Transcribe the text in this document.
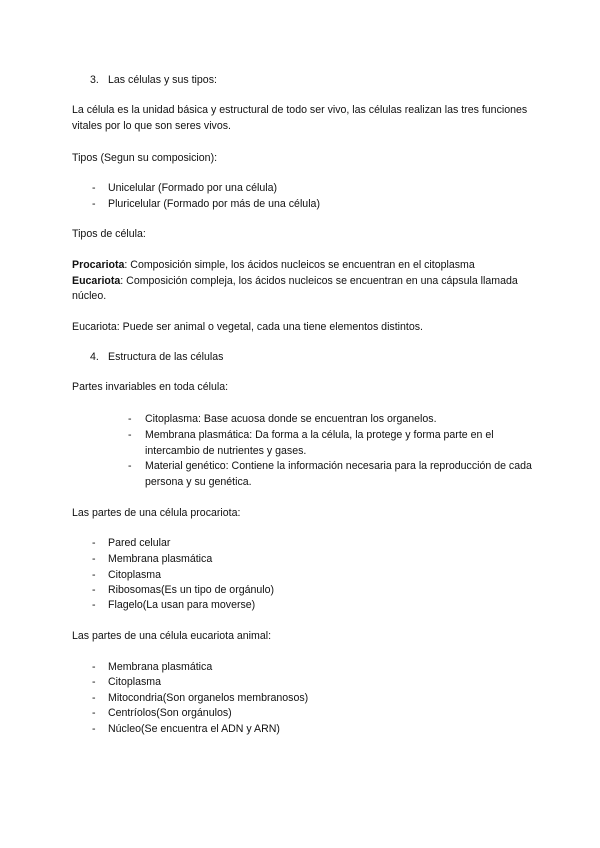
3. Las células y sus tipos:
La célula es la unidad básica y estructural de todo ser vivo, las células realizan las tres funciones
vitales por lo que son seres vivos.
Tipos (Segun su composicion):
- Unicelular (Formado por una célula)
- Pluricelular (Formado por más de una célula)
Tipos de célula:
Procariota: Composición simple, los ácidos nucleicos se encuentran en el citoplasma
Eucariota: Composición compleja, los ácidos nucleicos se encuentran en una cápsula llamada
núcleo.
Eucariota: Puede ser animal o vegetal, cada una tiene elementos distintos.
4. Estructura de las células
Partes invariables en toda célula:
- Citoplasma: Base acuosa donde se encuentran los organelos.
- Membrana plasmática: Da forma a la célula, la protege y forma parte en el
intercambio de nutrientes y gases.
- Material genético: Contiene la información necesaria para la reproducción de cada
persona y su genética.
Las partes de una célula procariota:
- Pared celular
- Membrana plasmática
- Citoplasma
- Ribosomas(Es un tipo de orgánulo)
- Flagelo(La usan para moverse)
Las partes de una célula eucariota animal:
- Membrana plasmática
- Citoplasma
- Mitocondria(Son organelos membranosos)
- Centríolos(Son orgánulos)
- Núcleo(Se encuentra el ADN y ARN)
